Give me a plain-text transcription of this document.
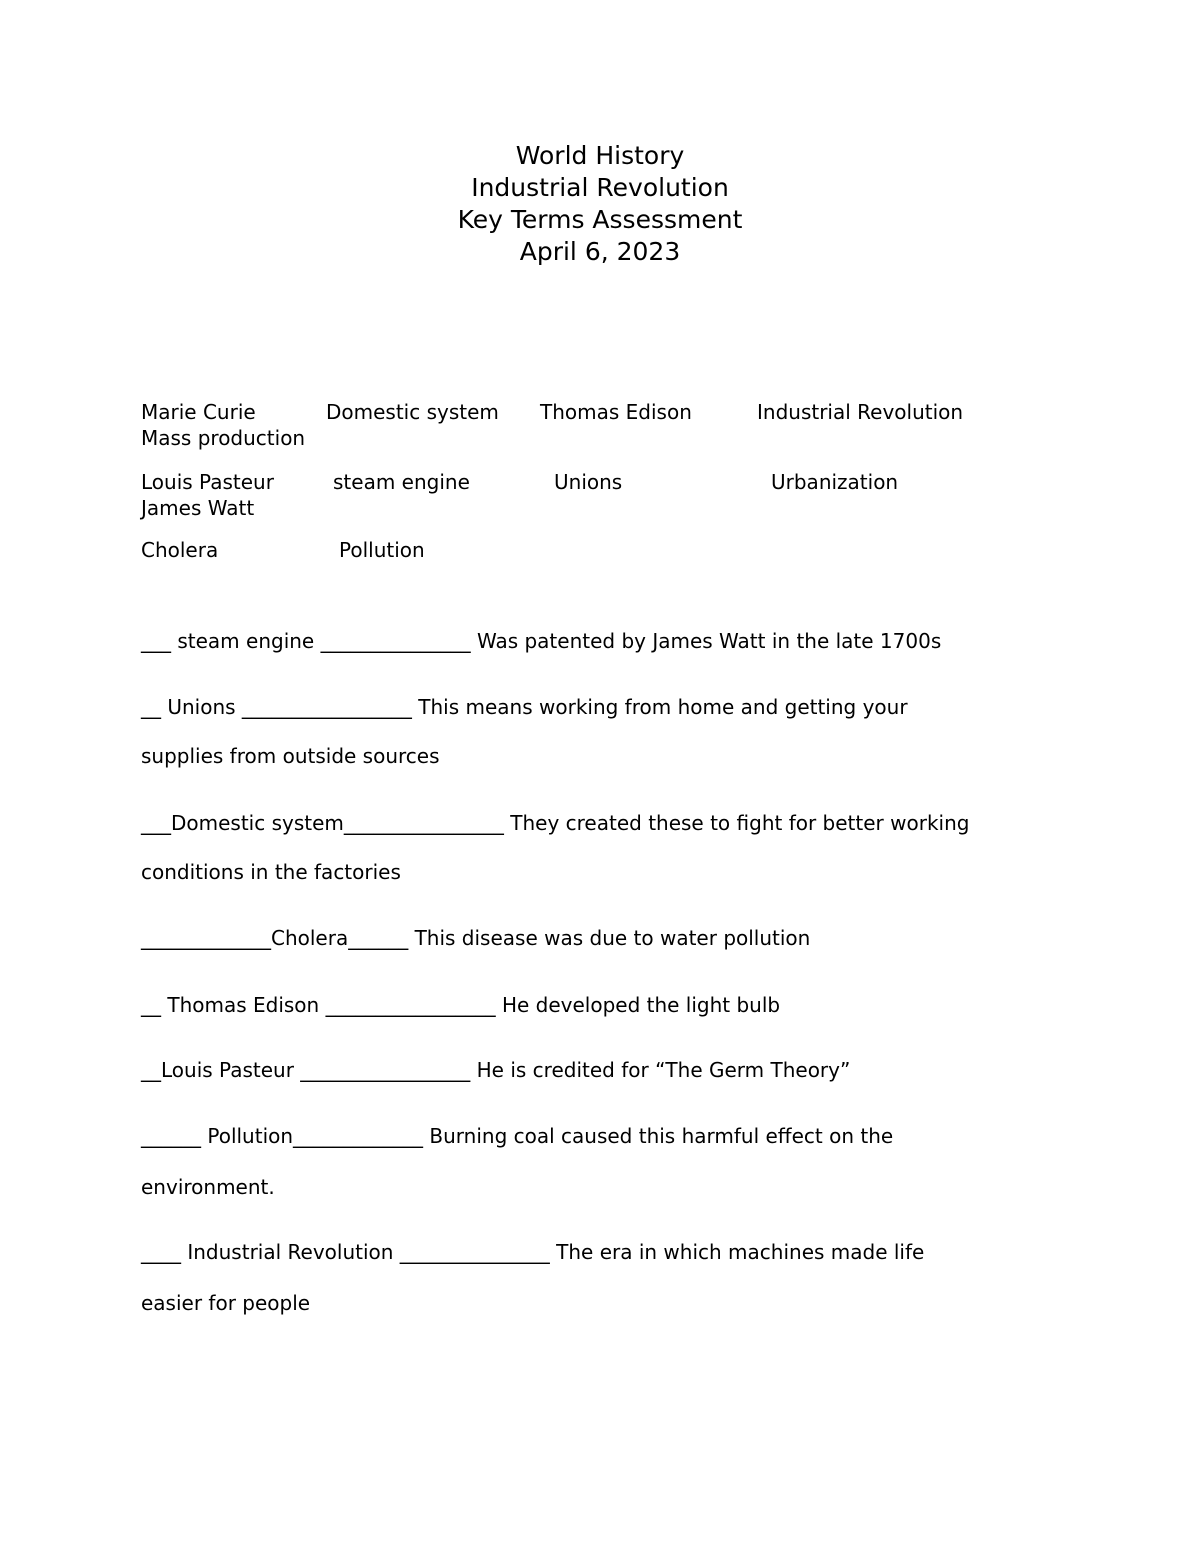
World History
Industrial Revolution
Key Terms Assessment
April 6, 2023
Marie Curie	Domestic system Thomas Edison	Industrial Revolution
Mass production
Louis Pasteur	steam engine	Unions	Urbanization
James Watt
Cholera	Pollution
___ steam engine _______________ Was patented by James Watt in the late 1700s
__ Unions _________________ This means working from home and getting your
supplies from outside sources
___Domestic system________________ They created these to fight for better working
conditions in the factories
_____________Cholera______ This disease was due to water pollution
__ Thomas Edison _________________ He developed the light bulb
__Louis Pasteur _________________ He is credited for “The Germ Theory”
______ Pollution_____________ Burning coal caused this harmful effect on the
environment.
____ Industrial Revolution _______________ The era in which machines made life
easier for people
